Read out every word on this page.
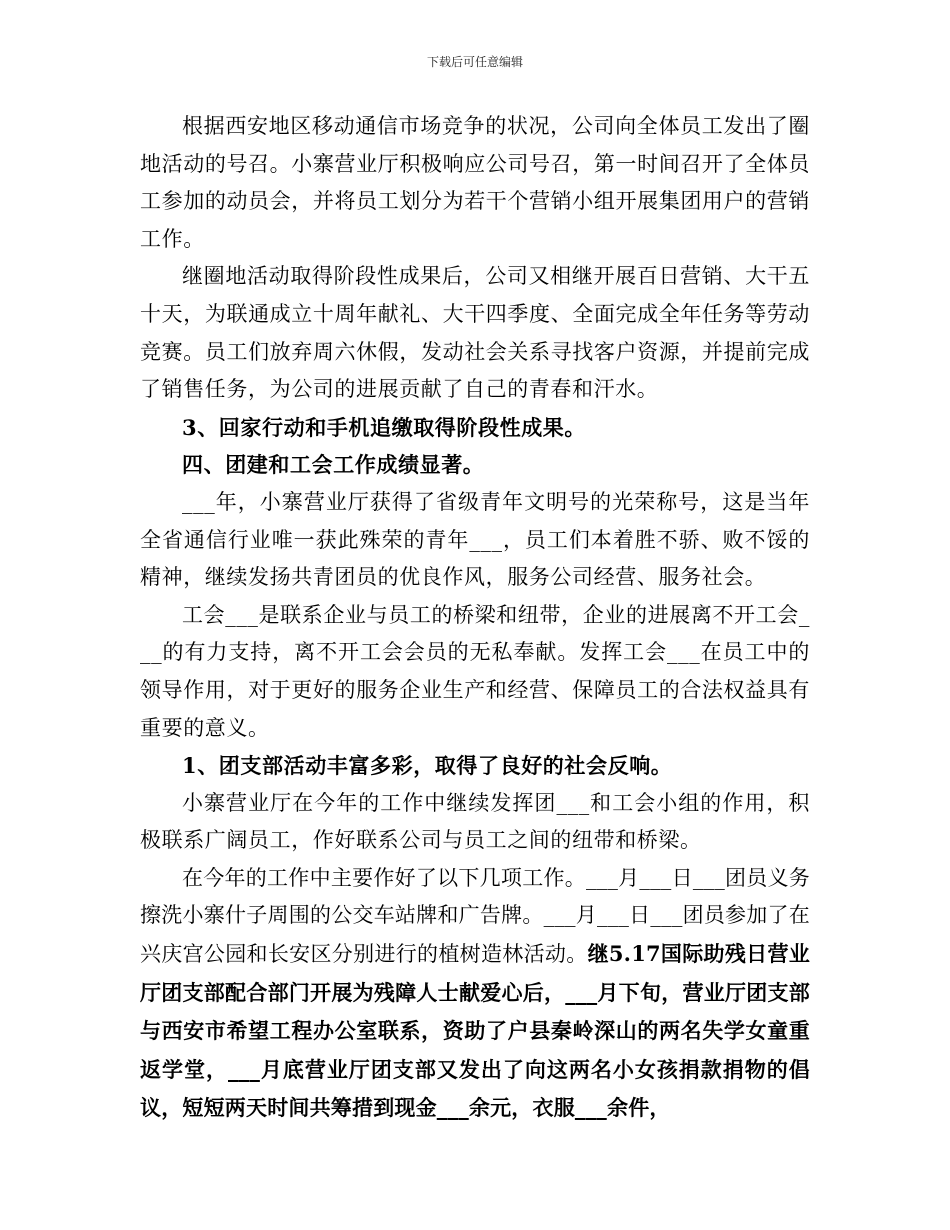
下载后可任意编辑

根据西安地区移动通信市场竞争的状况，公司向全体员工发出了圈地活动的号召。小寨营业厅积极响应公司号召，第一时间召开了全体员工参加的动员会，并将员工划分为若干个营销小组开展集团用户的营销工作。

继圈地活动取得阶段性成果后，公司又相继开展百日营销、大干五十天，为联通成立十周年献礼、大干四季度、全面完成全年任务等劳动竞赛。员工们放弃周六休假，发动社会关系寻找客户资源，并提前完成了销售任务，为公司的进展贡献了自己的青春和汗水。

3、回家行动和手机追缴取得阶段性成果。

四、团建和工会工作成绩显著。

___年，小寨营业厅获得了省级青年文明号的光荣称号，这是当年全省通信行业唯一获此殊荣的青年___，员工们本着胜不骄、败不馁的精神，继续发扬共青团员的优良作风，服务公司经营、服务社会。

工会___是联系企业与员工的桥梁和纽带，企业的进展离不开工会___的有力支持，离不开工会会员的无私奉献。发挥工会___在员工中的领导作用，对于更好的服务企业生产和经营、保障员工的合法权益具有重要的意义。

1、团支部活动丰富多彩，取得了良好的社会反响。

小寨营业厅在今年的工作中继续发挥团___和工会小组的作用，积极联系广阔员工，作好联系公司与员工之间的纽带和桥梁。

在今年的工作中主要作好了以下几项工作。___月___日___团员义务擦洗小寨什子周围的公交车站牌和广告牌。___月___日___团员参加了在兴庆宫公园和长安区分别进行的植树造林活动。继5.17国际助残日营业厅团支部配合部门开展为残障人士献爱心后，___月下旬，营业厅团支部与西安市希望工程办公室联系，资助了户县秦岭深山的两名失学女童重返学堂，___月底营业厅团支部又发出了向这两名小女孩捐款捐物的倡议，短短两天时间共筹措到现金___余元，衣服___余件，
